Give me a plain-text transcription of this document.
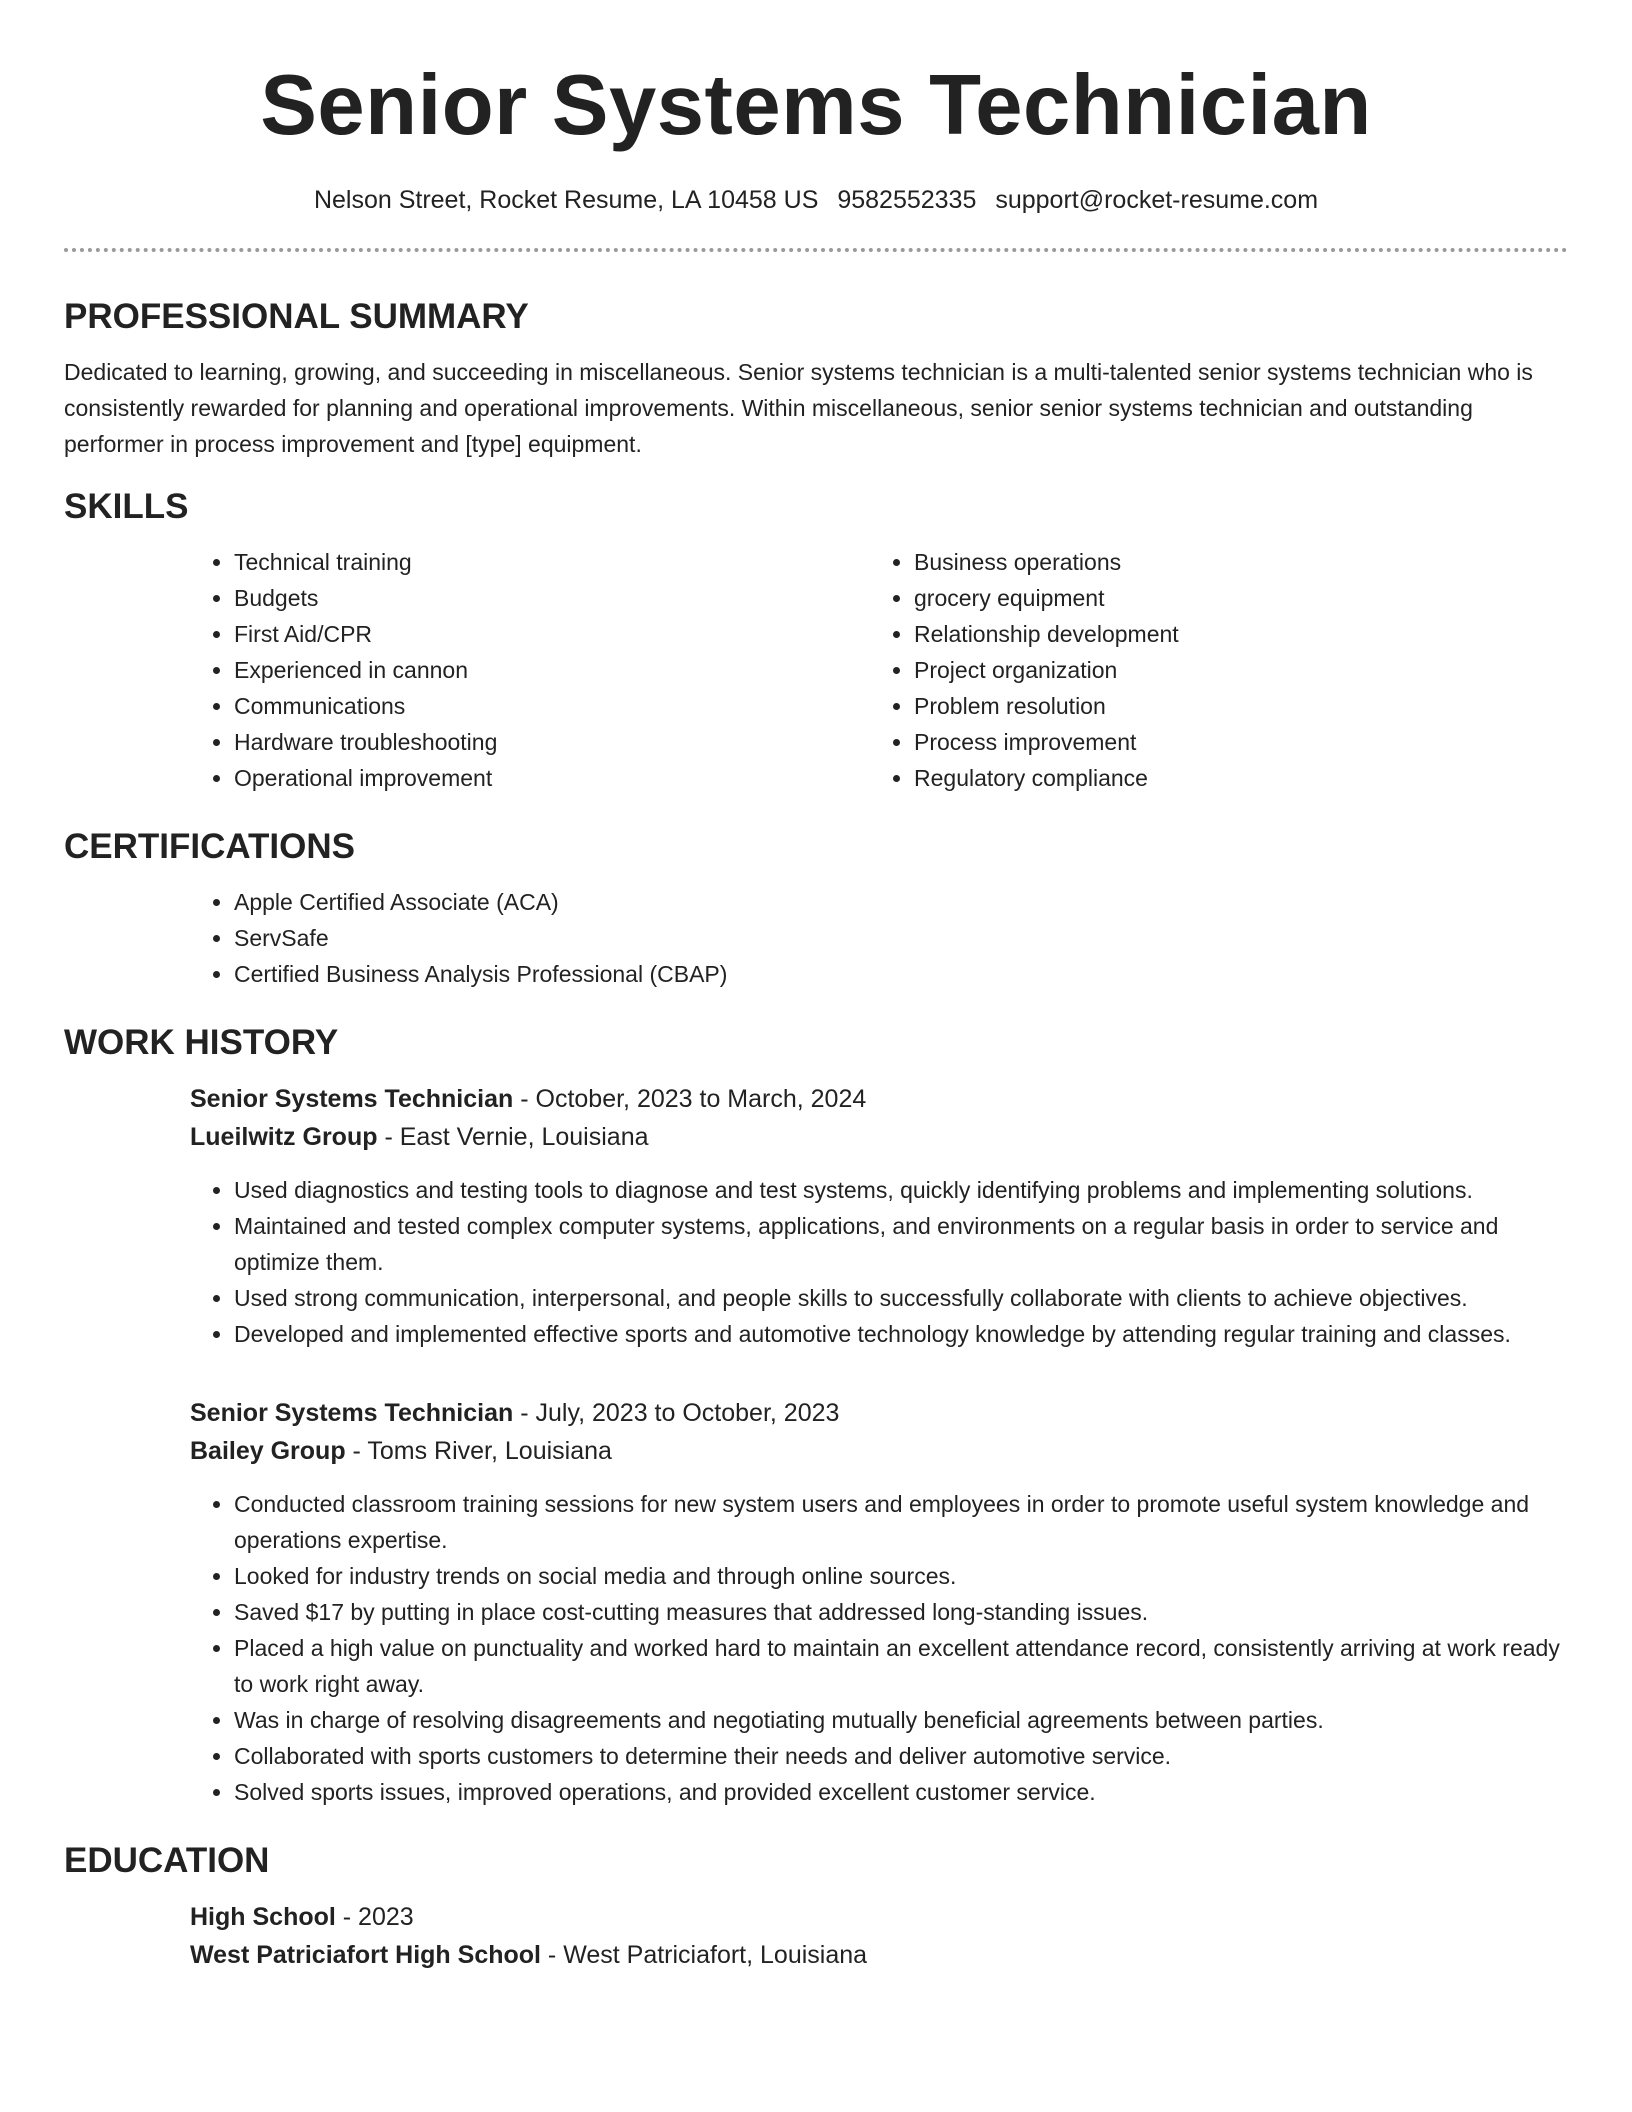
Senior Systems Technician
Nelson Street, Rocket Resume, LA 10458 US 9582552335 support@rocket-resume.com
PROFESSIONAL SUMMARY

Dedicated to learning, growing, and succeeding in miscellaneous. Senior systems technician is a multi-talented senior systems technician who is consistently rewarded for planning and operational improvements. Within miscellaneous, senior senior systems technician and outstanding performer in process improvement and [type] equipment.

SKILLS
• Technical training
• Budgets
• First Aid/CPR
• Experienced in cannon
• Communications
• Hardware troubleshooting
• Operational improvement
• Business operations
• grocery equipment
• Relationship development
• Project organization
• Problem resolution
• Process improvement
• Regulatory compliance
CERTIFICATIONS
• Apple Certified Associate (ACA)
• ServSafe
• Certified Business Analysis Professional (CBAP)
WORK HISTORY
Senior Systems Technician - October, 2023 to March, 2024
Lueilwitz Group - East Vernie, Louisiana
• Used diagnostics and testing tools to diagnose and test systems, quickly identifying problems and implementing solutions.
• Maintained and tested complex computer systems, applications, and environments on a regular basis in order to service and optimize them.
• Used strong communication, interpersonal, and people skills to successfully collaborate with clients to achieve objectives.
• Developed and implemented effective sports and automotive technology knowledge by attending regular training and classes.
Senior Systems Technician - July, 2023 to October, 2023
Bailey Group - Toms River, Louisiana
• Conducted classroom training sessions for new system users and employees in order to promote useful system knowledge and operations expertise.
• Looked for industry trends on social media and through online sources.
• Saved $17 by putting in place cost-cutting measures that addressed long-standing issues.
• Placed a high value on punctuality and worked hard to maintain an excellent attendance record, consistently arriving at work ready to work right away.
• Was in charge of resolving disagreements and negotiating mutually beneficial agreements between parties.
• Collaborated with sports customers to determine their needs and deliver automotive service.
• Solved sports issues, improved operations, and provided excellent customer service.
EDUCATION
High School - 2023
West Patriciafort High School - West Patriciafort, Louisiana
